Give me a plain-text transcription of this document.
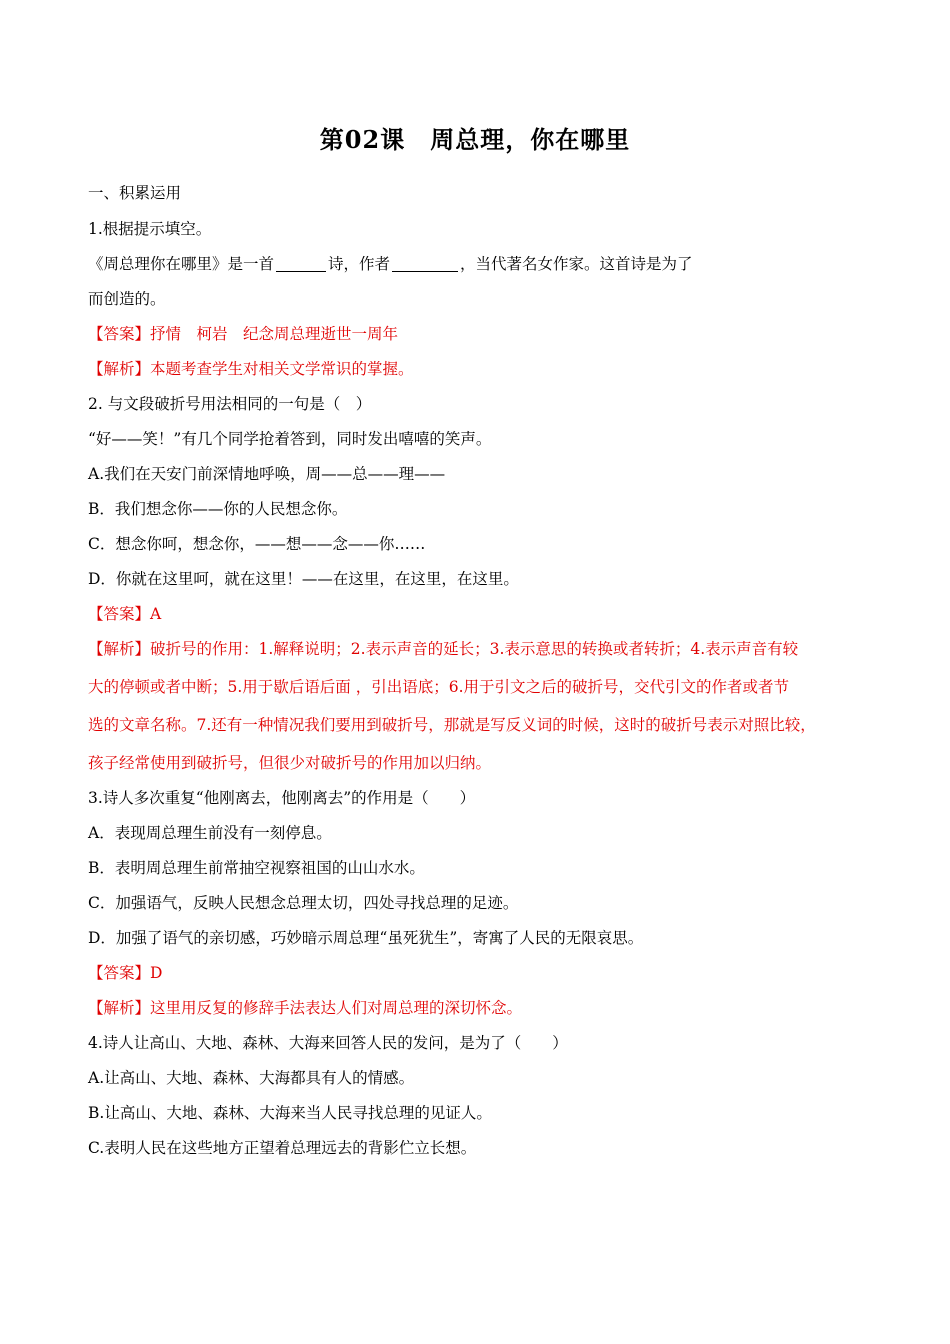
第02课　周总理，你在哪里
一、积累运用
1.根据提示填空。
《周总理你在哪里》是一首	诗，作者	，当代著名女作家。这首诗是为了
而创造的。
【答案】抒情　柯岩　纪念周总理逝世一周年
【解析】本题考查学生对相关文学常识的掌握。
2. 与文段破折号用法相同的一句是（　）
“好——笑！”有几个同学抢着答到，同时发出嘻嘻的笑声。
A.我们在天安门前深情地呼唤，周——总——理——
B．我们想念你——你的人民想念你。
C．想念你呵，想念你，——想——念——你……
D．你就在这里呵，就在这里！——在这里，在这里，在这里。
【答案】A
【解析】破折号的作用：1.解释说明；2.表示声音的延长；3.表示意思的转换或者转折；4.表示声音有较
大的停顿或者中断；5.用于歇后语后面 ，引出语底；6.用于引文之后的破折号，交代引文的作者或者节
选的文章名称。7.还有一种情况我们要用到破折号，那就是写反义词的时候，这时的破折号表示对照比较，
孩子经常使用到破折号，但很少对破折号的作用加以归纳。
3.诗人多次重复“他刚离去，他刚离去”的作用是（　　）
A．表现周总理生前没有一刻停息。
B．表明周总理生前常抽空视察祖国的山山水水。
C．加强语气，反映人民想念总理太切，四处寻找总理的足迹。
D．加强了语气的亲切感，巧妙暗示周总理“虽死犹生”，寄寓了人民的无限哀思。
【答案】D
【解析】这里用反复的修辞手法表达人们对周总理的深切怀念。
4.诗人让高山、大地、森林、大海来回答人民的发问，是为了（　　）
A.让高山、大地、森林、大海都具有人的情感。
B.让高山、大地、森林、大海来当人民寻找总理的见证人。
C.表明人民在这些地方正望着总理远去的背影伫立长想。
